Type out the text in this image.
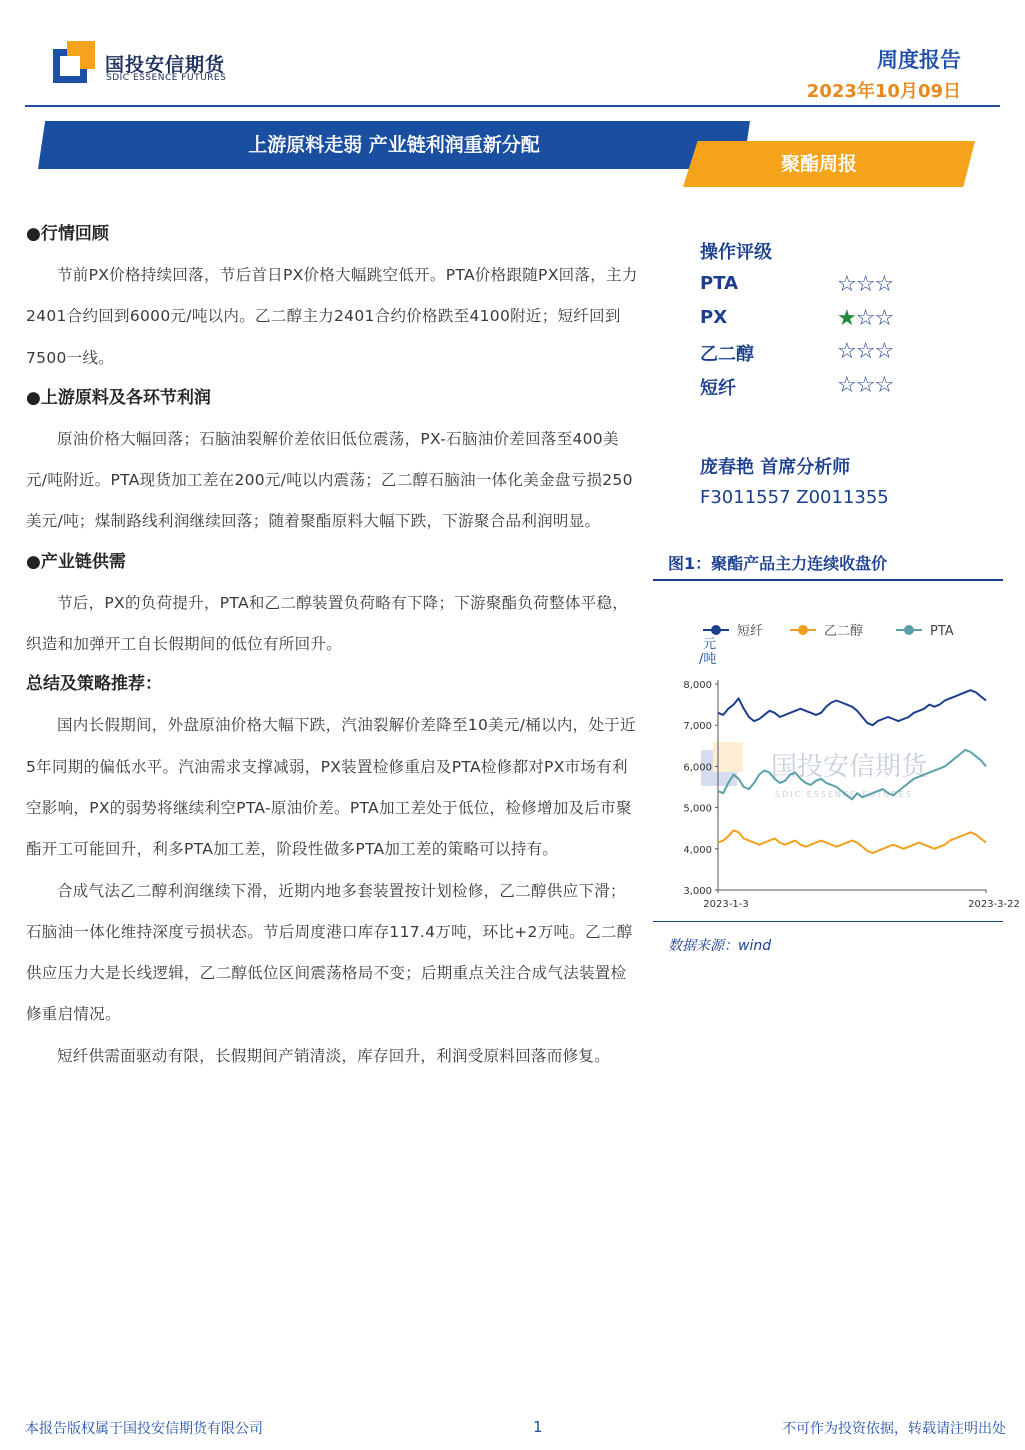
国投安信期货
SDIC ESSENCE FUTURES
周度报告
2023年10月09日
上游原料走弱 产业链利润重新分配
聚酯周报
●行情回顾

节前PX价格持续回落，节后首日PX价格大幅跳空低开。PTA价格跟随PX回落，主力2401合约回到6000元/吨以内。乙二醇主力2401合约价格跌至4100附近；短纤回到7500一线。

●上游原料及各环节利润

原油价格大幅回落；石脑油裂解价差依旧低位震荡，PX-石脑油价差回落至400美元/吨附近。PTA现货加工差在200元/吨以内震荡；乙二醇石脑油一体化美金盘亏损250美元/吨；煤制路线利润继续回落；随着聚酯原料大幅下跌，下游聚合品利润明显。

●产业链供需

节后，PX的负荷提升，PTA和乙二醇装置负荷略有下降；下游聚酯负荷整体平稳，织造和加弹开工自长假期间的低位有所回升。

总结及策略推荐：

国内长假期间，外盘原油价格大幅下跌，汽油裂解价差降至10美元/桶以内，处于近5年同期的偏低水平。汽油需求支撑减弱，PX装置检修重启及PTA检修都对PX市场有利空影响，PX的弱势将继续利空PTA-原油价差。PTA加工差处于低位，检修增加及后市聚酯开工可能回升，利多PTA加工差，阶段性做多PTA加工差的策略可以持有。

合成气法乙二醇利润继续下滑，近期内地多套装置按计划检修，乙二醇供应下滑；石脑油一体化维持深度亏损状态。节后周度港口库存117.4万吨，环比+2万吨。乙二醇供应压力大是长线逻辑，乙二醇低位区间震荡格局不变；后期重点关注合成气法装置检修重启情况。

短纤供需面驱动有限，长假期间产销清淡，库存回升，利润受原料回落而修复。

操作评级
PTA	☆☆☆
PX	★☆☆
乙二醇	☆☆☆
短纤	☆☆☆
庞春艳 首席分析师
F3011557 Z0011355
图1：聚酯产品主力连续收盘价
国投安信期货
SDIC ESSENCE FUTURES
3,000
4,000
5,000
6,000
7,000
8,000
2023-1-3	2023-3-22
元
/吨
短纤	乙二醇	PTA
数据来源：wind
本报告版权属于国投安信期货有限公司	1	不可作为投资依据，转载请注明出处
